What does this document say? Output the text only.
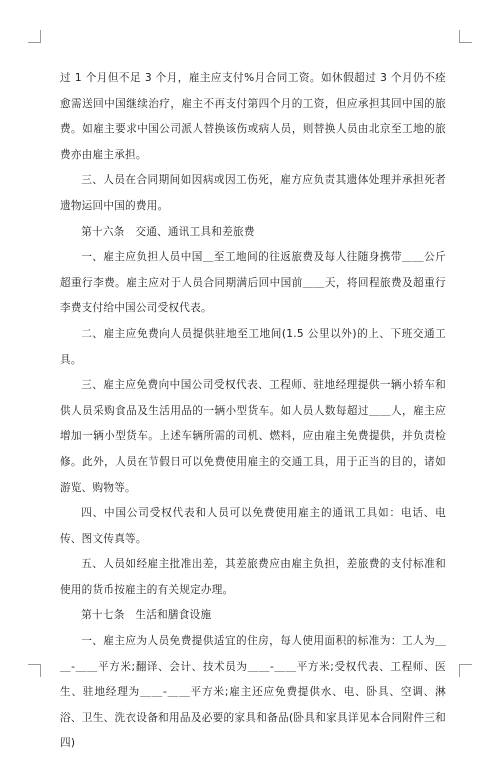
过 1 个月但不足 3 个月，雇主应支付%月合同工资。如休假超过 3 个月仍不痊愈需送回中国继续治疗，雇主不再支付第四个月的工资，但应承担其回中国的旅费。如雇主要求中国公司派人替换该伤或病人员，则替换人员由北京至工地的旅费亦由雇主承担。

三、人员在合同期间如因病或因工伤死，雇方应负责其遗体处理并承担死者遗物运回中国的费用。

第十六条　交通、通讯工具和差旅费

一、雇主应负担人员中国＿至工地间的往返旅费及每人往随身携带＿＿公斤超重行李费。雇主应对于人员合同期满后回中国前＿＿天，将回程旅费及超重行李费支付给中国公司受权代表。

二、雇主应免费向人员提供驻地至工地间(1.5 公里以外)的上、下班交通工具。

三、雇主应免费向中国公司受权代表、工程师、驻地经理提供一辆小轿车和供人员采购食品及生活用品的一辆小型货车。如人员人数每超过＿＿人，雇主应增加一辆小型货车。上述车辆所需的司机、燃料，应由雇主免费提供，并负责检修。此外，人员在节假日可以免费使用雇主的交通工具，用于正当的目的，诸如游览、购物等。

四、中国公司受权代表和人员可以免费使用雇主的通讯工具如：电话、电传、图文传真等。

五、人员如经雇主批准出差，其差旅费应由雇主负担，差旅费的支付标准和使用的货币按雇主的有关规定办理。

第十七条　生活和膳食设施

一、雇主应为人员免费提供适宜的住房，每人使用面积的标准为：工人为＿＿-＿＿平方米;翻译、会计、技术员为＿＿-＿＿平方米;受权代表、工程师、医生、驻地经理为＿＿-＿＿平方米;雇主还应免费提供水、电、卧具、空调、淋浴、卫生、洗衣设备和用品及必要的家具和备品(卧具和家具详见本合同附件三和四)
